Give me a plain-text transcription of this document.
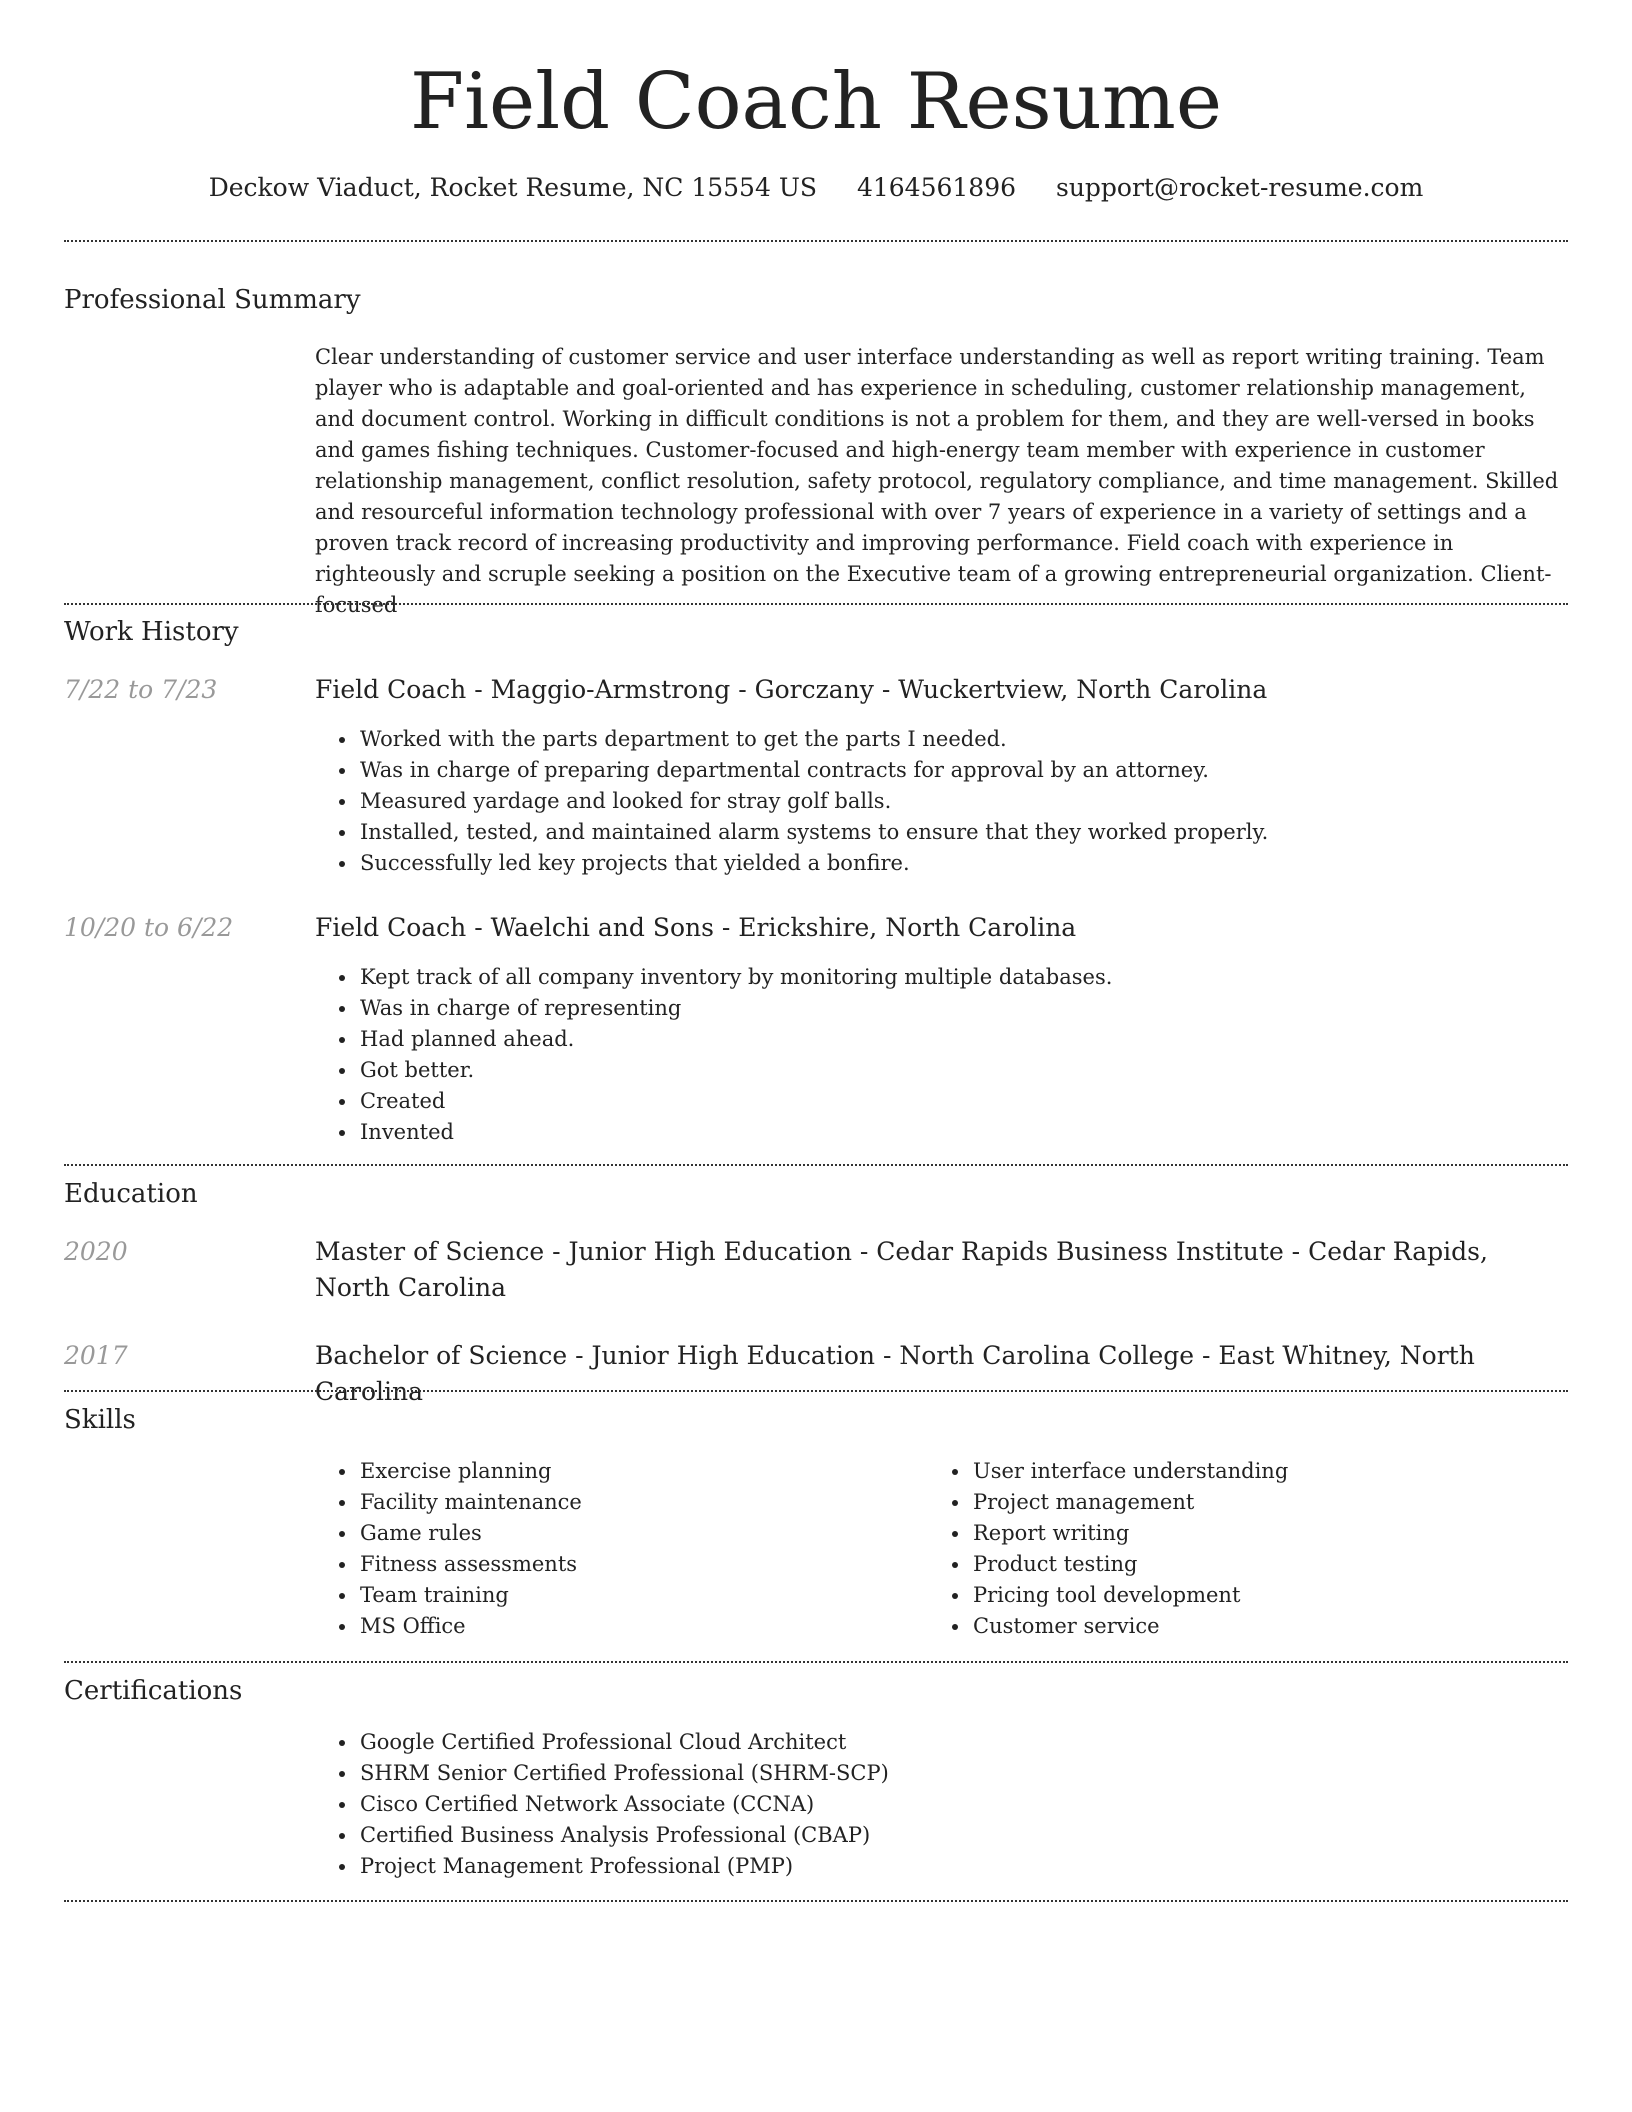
Field Coach Resume
Deckow Viaduct, Rocket Resume, NC 15554 US 4164561896 support@rocket-resume.com
Professional Summary
Clear understanding of customer service and user interface understanding as well as report writing training. Team player who is adaptable and goal-oriented and has experience in scheduling, customer relationship management, and document control. Working in difficult conditions is not a problem for them, and they are well-versed in books and games fishing techniques. Customer-focused and high-energy team member with experience in customer relationship management, conflict resolution, safety protocol, regulatory compliance, and time management. Skilled and resourceful information technology professional with over 7 years of experience in a variety of settings and a proven track record of increasing productivity and improving performance. Field coach with experience in righteously and scruple seeking a position on the Executive team of a growing entrepreneurial organization. Client-focused
Work History
7/22 to 7/23	Field Coach - Maggio-Armstrong - Gorczany - Wuckertview, North Carolina
• Worked with the parts department to get the parts I needed.
• Was in charge of preparing departmental contracts for approval by an attorney.
• Measured yardage and looked for stray golf balls.
• Installed, tested, and maintained alarm systems to ensure that they worked properly.
• Successfully led key projects that yielded a bonfire.
10/20 to 6/22	Field Coach - Waelchi and Sons - Erickshire, North Carolina
• Kept track of all company inventory by monitoring multiple databases.
• Was in charge of representing
• Had planned ahead.
• Got better.
• Created
• Invented
Education
2020	Master of Science - Junior High Education - Cedar Rapids Business Institute - Cedar Rapids, North Carolina
2017	Bachelor of Science - Junior High Education - North Carolina College - East Whitney, North Carolina
Skills
• Exercise planning
• Facility maintenance
• Game rules
• Fitness assessments
• Team training
• MS Office
• User interface understanding
• Project management
• Report writing
• Product testing
• Pricing tool development
• Customer service
Certifications
• Google Certified Professional Cloud Architect
• SHRM Senior Certified Professional (SHRM-SCP)
• Cisco Certified Network Associate (CCNA)
• Certified Business Analysis Professional (CBAP)
• Project Management Professional (PMP)
